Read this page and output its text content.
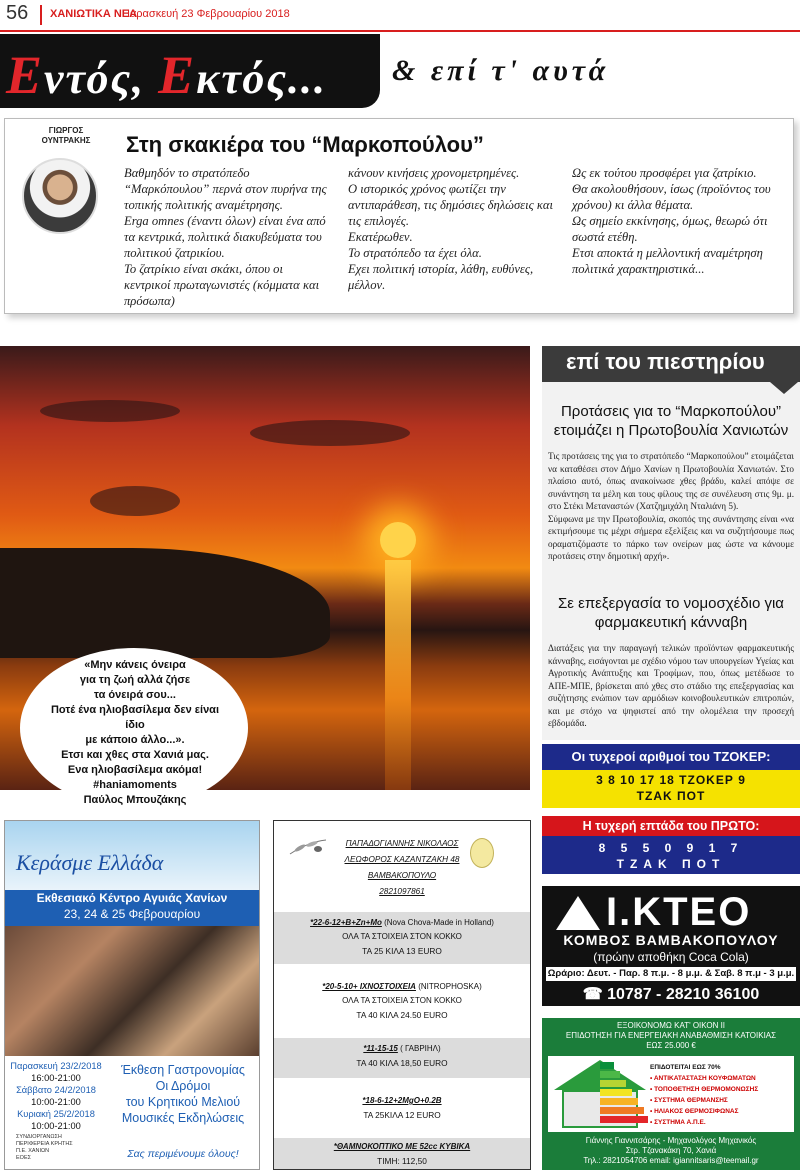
56 ΧΑΝΙΩΤΙΚΑ ΝΕΑ
Παρασκευή 23 Φεβρουαρίου 2018
Εντός, Εκτός... & επί τ' αυτά
ΓΙΩΡΓΟΣ
ΟΥΝΤΡΑΚΗΣ	Στη σκακιέρα του “Μαρκοπούλου”
Βαθμηδόν το στρατόπεδο “Μαρκόπουλου” περνά στον πυρήνα της τοπικής πολιτικής αναμέτρησης.
Erga omnes (έναντι όλων) είναι ένα από τα κεντρικά, πολιτικά διακυβεύματα του πολιτικού ζατρικίου.
Το ζατρίκιο είναι σκάκι, όπου οι κεντρικοί πρωταγωνιστές (κόμματα και πρόσωπα)
κάνουν κινήσεις χρονομετρημένες.
Ο ιστορικός χρόνος φωτίζει την αντιπαράθεση, τις δημόσιες δηλώσεις και τις επιλογές.
Εκατέρωθεν.
Το στρατόπεδο τα έχει όλα.
Εχει πολιτική ιστορία, λάθη, ευθύνες, μέλλον.
Ως εκ τούτου προσφέρει για ζατρίκιο.
Θα ακολουθήσουν, ίσως (προϊόντος του χρόνου) κι άλλα θέματα.
Ως σημείο εκκίνησης, όμως, θεωρώ ότι σωστά ετέθη.
Ετσι αποκτά η μελλοντική αναμέτρηση πολιτικά χαρακτηριστικά...
«Μην κάνεις όνειρα
για τη ζωή αλλά ζήσε
τα όνειρά σου...
Ποτέ ένα ηλιοβασίλεμα δεν είναι ίδιο
με κάποιο άλλο...».
Ετσι και χθες στα Χανιά μας.
Ενα ηλιοβασίλεμα ακόμα!
#haniamoments
Παύλος Μπουζάκης
επί του πιεστηρίου
Προτάσεις για το “Μαρκοπούλου” ετοιμάζει η Πρωτοβουλία Χανιωτών
Τις προτάσεις της για το στρατόπεδο “Μαρκοπούλου” ετοιμάζεται να καταθέσει στον Δήμο Χανίων η Πρωτοβουλία Χανιωτών. Στο πλαίσιο αυτό, όπως ανακοίνωσε χθες βράδυ, καλεί απόψε σε συνάντηση τα μέλη και τους φίλους της σε συνέλευση στις 9μ. μ. στο Στέκι Μεταναστών (Χατζημιχάλη Νταλιάνη 5).
Σύμφωνα με την Πρωτοβουλία, σκοπός της συνάντησης είναι «να εκτιμήσουμε τις μέχρι σήμερα εξελίξεις και να συζητήσουμε πως οραματιζόμαστε το πάρκο των ονείρων μας ώστε να κάνουμε προτάσεις στην δημοτική αρχή».
Σε επεξεργασία το νομοσχέδιο για φαρμακευτική κάνναβη
Διατάξεις για την παραγωγή τελικών προϊόντων φαρμακευτικής κάνναβης, εισάγονται με σχέδιο νόμου των υπουργείων Υγείας και Αγροτικής Ανάπτυξης και Τροφίμων, που, όπως μετέδωσε το ΑΠΕ-ΜΠΕ, βρίσκεται από χθες στο στάδιο της επεξεργασίας και συζήτησης ενώπιον των αρμόδιων κοινοβουλευτικών επιτροπών, και με στόχο να ψηφιστεί από την ολομέλεια την προσεχή εβδομάδα.
Οι τυχεροί αριθμοί του ΤΖΟΚΕΡ:
3 8 10 17 18 ΤΖΟΚΕΡ 9
ΤΖΑΚ ΠΟΤ
Η τυχερή επτάδα του ΠΡΩΤΟ:
8 5 5 0 9 1 7
ΤΖΑΚ ΠΟΤ
Ι.ΚΤΕΟ
ΚΟΜΒΟΣ ΒΑΜΒΑΚΟΠΟΥΛΟΥ
(πρώην αποθήκη Coca Cola)
Ωράριο: Δευτ. - Παρ. 8 π.μ. - 8 μ.μ. & Σαβ. 8 π.μ - 3 μ.μ.
☎ 10787 - 28210 36100
ΕΞΟΙΚΟΝΟΜΩ ΚΑΤ' ΟΙΚΟΝ ΙΙ
ΕΠΙΔΟΤΗΣΗ ΓΙΑ ΕΝΕΡΓΕΙΑΚΗ ΑΝΑΒΑΘΜΙΣΗ ΚΑΤΟΙΚΙΑΣ
ΕΩΣ 25.000 €
ΕΠΙΔΟΤΕΙΤΑΙ ΕΩΣ 70%
• ΑΝΤΙΚΑΤΑΣΤΑΣΗ ΚΟΥΦΩΜΑΤΩΝ
• ΤΟΠΟΘΕΤΗΣΗ ΘΕΡΜΟΜΟΝΩΣΗΣ
• ΣΥΣΤΗΜΑ ΘΕΡΜΑΝΣΗΣ
• ΗΛΙΑΚΟΣ ΘΕΡΜΟΣΙΦΩΝΑΣ
• ΣΥΣΤΗΜΑ Α.Π.Ε.
Γιάννης Γιαννιτσάρης - Μηχανολόγος Μηχανικός
Στρ. Τζανακάκη 70, Χανιά
Τηλ.: 2821054706 email: igiannitsaris@teemail.gr
Κεράσμε Ελλάδα
Εκθεσιακό Κέντρο Αγυιάς Χανίων
23, 24 & 25 Φεβρουαρίου
Παρασκευή 23/2/2018
16:00-21:00
Σάββατο 24/2/2018
10:00-21:00
Κυριακή 25/2/2018
10:00-21:00
Έκθεση Γαστρονομίας
Οι Δρόμοι
του Κρητικού Μελιού
Μουσικές Εκδηλώσεις
Σας περιμένουμε όλους!
ΣΥΝΔΙΟΡΓΑΝΩΣΗ
ΠΕΡΙΦΕΡΕΙΑ ΚΡΗΤΗΣ
Π.Ε. ΧΑΝΙΩΝ
ΕΟΕΣ
ΠΑΠΑΔΟΓΙΑΝΝΗΣ ΝΙΚΟΛΑΟΣ
ΛΕΩΦΟΡΟΣ ΚΑΖΑΝΤΖΑΚΗ 48
ΒΑΜΒΑΚΟΠΟΥΛΟ
2821097861
*22-6-12+B+Zn+Mo (Nova Chova-Made in Holland)
ΟΛΑ ΤΑ ΣΤΟΙΧΕΙΑ ΣΤΟΝ ΚΟΚΚΟ
ΤΑ 25 ΚΙΛΑ 13 EURO
*20-5-10+ ΙΧΝΟΣΤΟΙΧΕΙΑ (NITROPHOSKA)
ΟΛΑ ΤΑ ΣΤΟΙΧΕΙΑ ΣΤΟΝ ΚΟΚΚΟ
ΤΑ 40 ΚΙΛΑ 24.50 EURO
*11-15-15 ( ΓΑΒΡΙΗΛ)
ΤΑ 40 ΚΙΛΑ 18,50 EURO
*18-6-12+2MgO+0.2B
ΤΑ 25ΚΙΛΑ 12 EURO
*ΘΑΜΝΟΚΟΠΤΙΚΟ ΜΕ 52cc ΚΥΒΙΚΑ
ΤΙΜΗ: 112,50
